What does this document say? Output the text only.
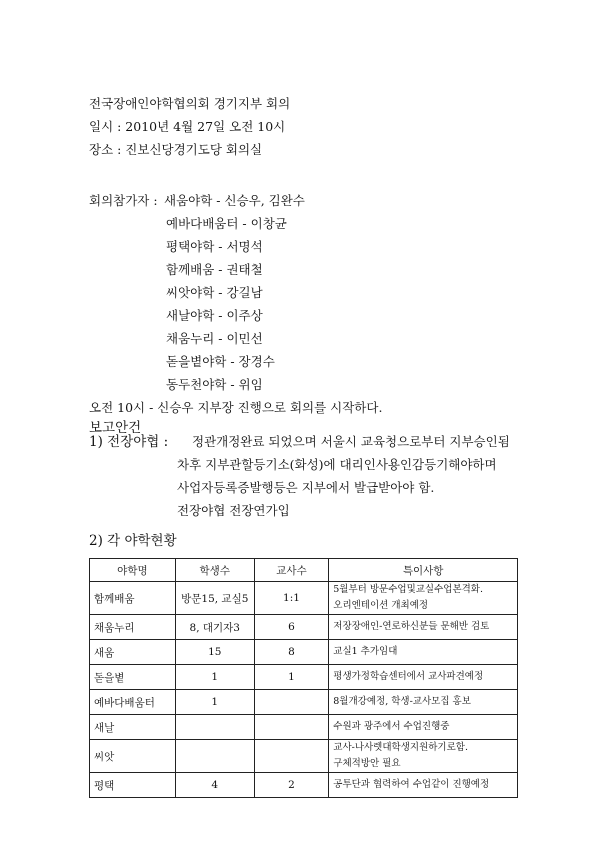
전국장애인야학협의회 경기지부 회의
일시 : 2010년 4월 27일 오전 10시
장소 : 진보신당경기도당 회의실
회의참가자 : 새움야학 - 신승우, 김완수
예바다배움터 - 이창균
평택야학 - 서명석
함께배움 - 권태철
씨앗야학 - 강길남
새날야학 - 이주상
채움누리 - 이민선
돋을볕야학 - 장경수
동두천야학 - 위임
오전 10시 - 신승우 지부장 진행으로 회의를 시작하다.
보고안건
1) 전장야협 : 정관개정완료 되었으며 서울시 교육청으로부터 지부승인됨
차후 지부관할등기소(화성)에 대리인사용인감등기해야하며
사업자등록증발행등은 지부에서 발급받아야 함.
전장야협 전장연가입
2) 각 야학현황
야학명	학생수	교사수	특이사항
함께배움	방문15, 교실5	1:1	5월부터 방문수업및교실수업본격화.
오리엔테이션 개최예정

채움누리	8, 대기자3	6	저장장애인-연로하신분들 문해반 검토
새움	15	8	교실1 추가임대
돋을볕	1	1	평생가정학습센터에서 교사파견예정
예바다배움터	1		8월개강예정, 학생-교사모집 홍보
새날			수원과 광주에서 수업진행중
씨앗			교사-나사렛대학생지원하기로함.
구체적방안 필요

평택	4	2	공투단과 협력하여 수업같이 진행예정
